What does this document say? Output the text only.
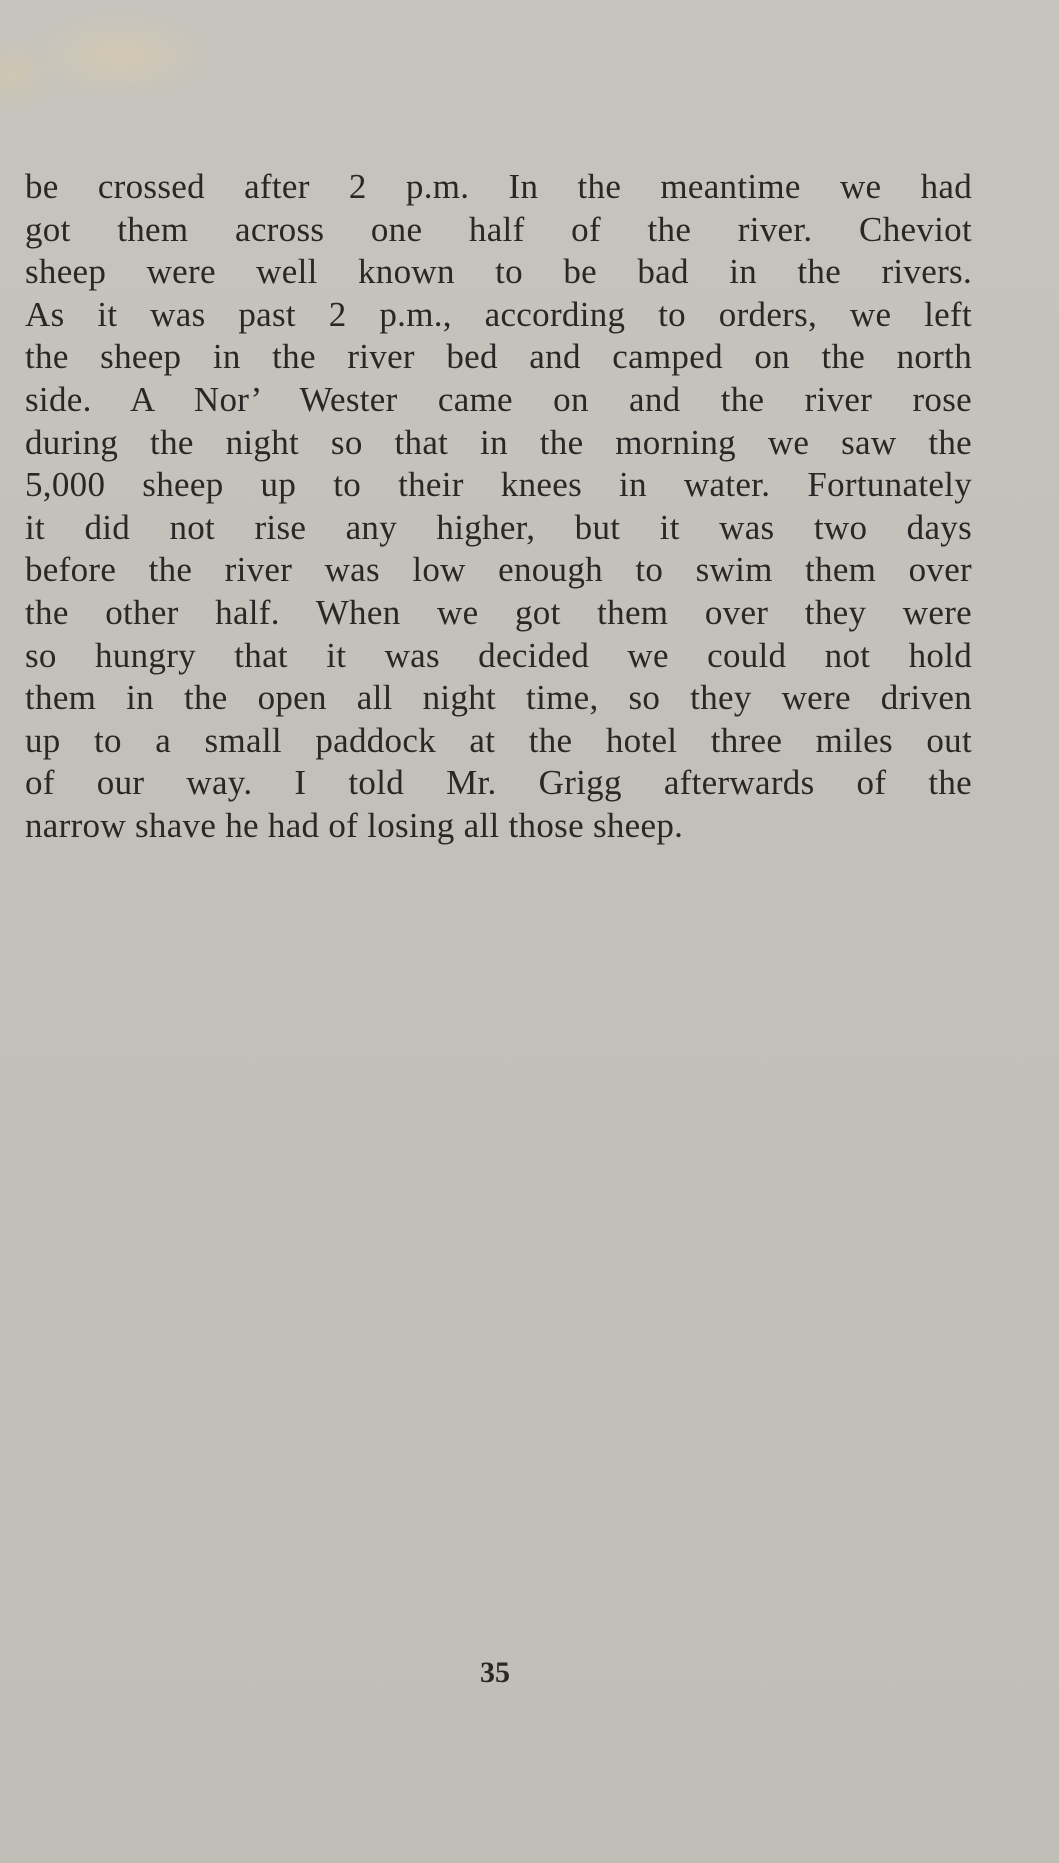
be crossed after 2 p.m. In the meantime we had
got them across one half of the river. Cheviot
sheep were well known to be bad in the rivers.
As it was past 2 p.m., according to orders, we left
the sheep in the river bed and camped on the north
side. A Nor’ Wester came on and the river rose
during the night so that in the morning we saw the
5,000 sheep up to their knees in water. Fortunately
it did not rise any higher, but it was two days
before the river was low enough to swim them over
the other half. When we got them over they were
so hungry that it was decided we could not hold
them in the open all night time, so they were driven
up to a small paddock at the hotel three miles out
of our way. I told Mr. Grigg afterwards of the
narrow shave he had of losing all those sheep.

35
